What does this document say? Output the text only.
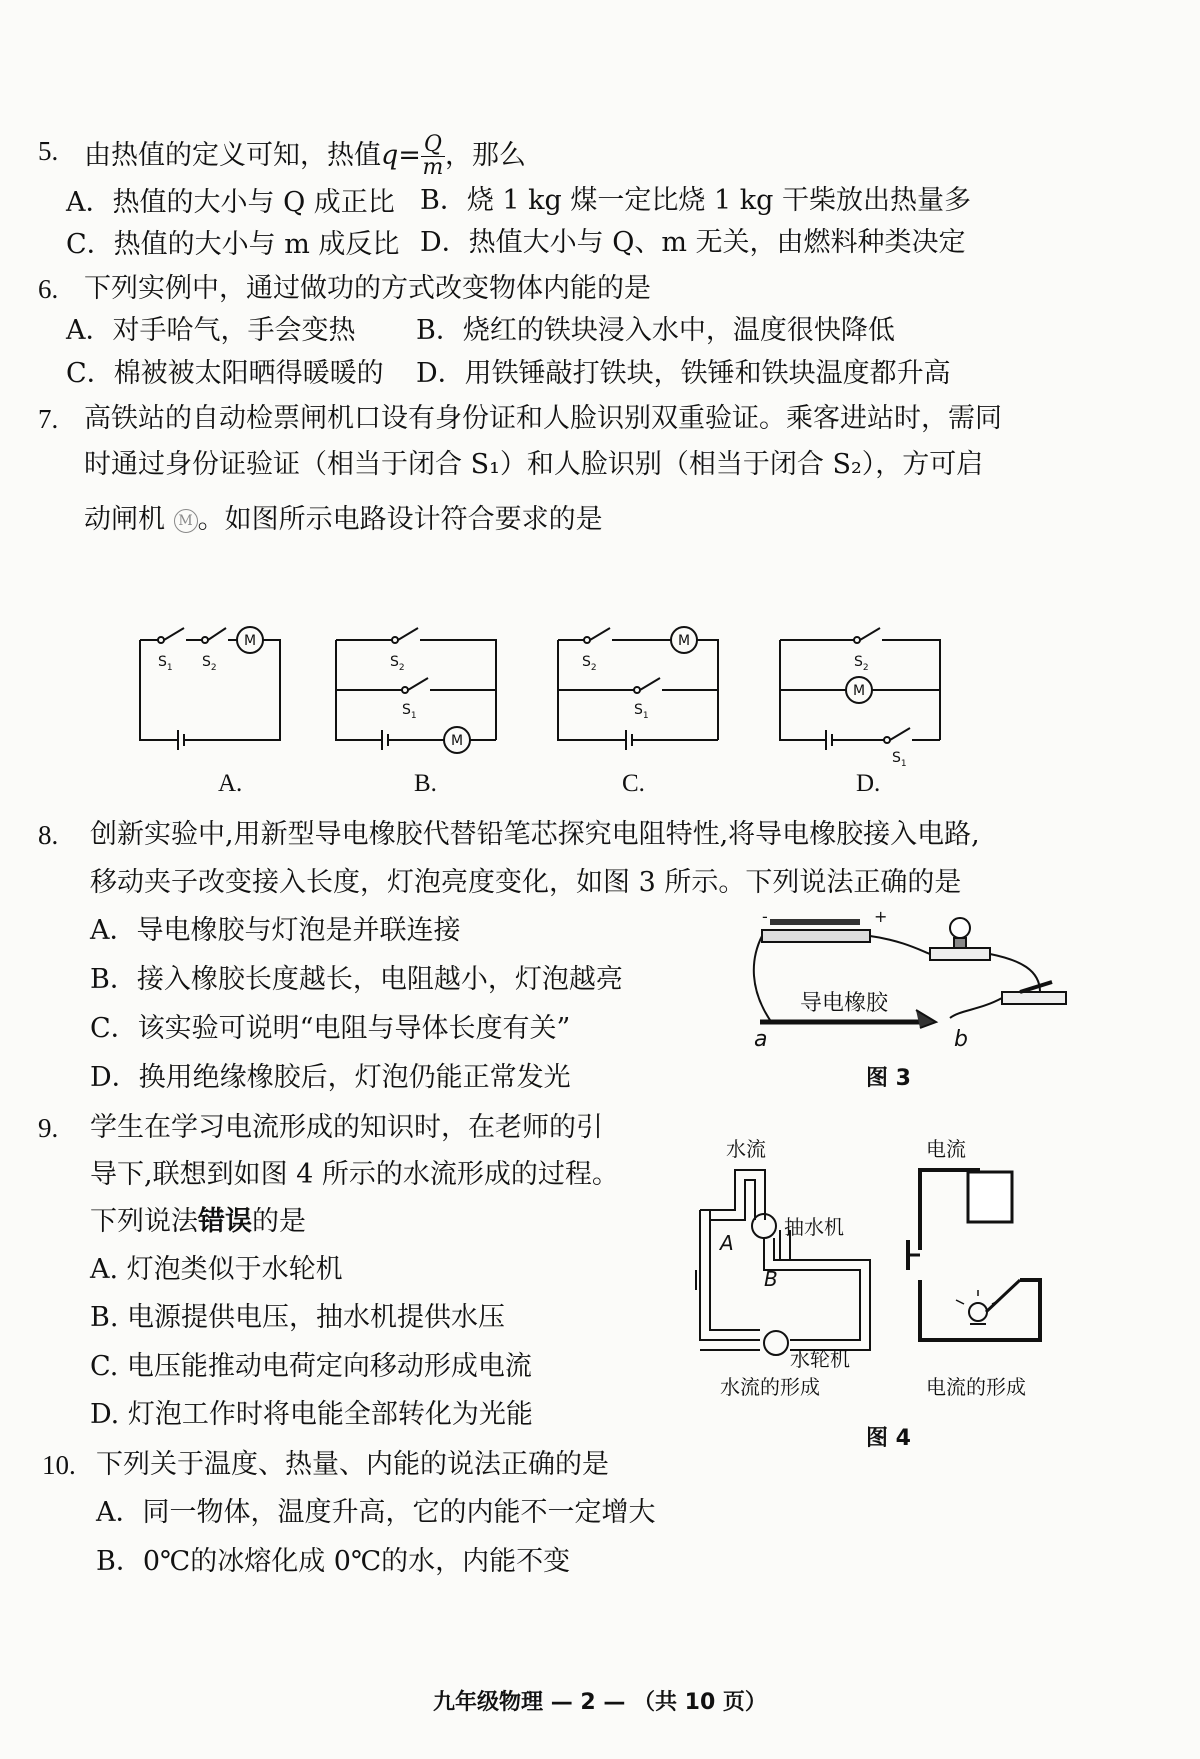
5. 由热值的定义可知，热值$q= \frac{Q}{m}$ ，那么
A．热值的大小与 Q 成正比 B．烧 1 kg 煤一定比烧 1 kg 干柴放出热量多
C．热值的大小与 m 成反比 D．热值大小与 Q、m 无关，由燃料种类决定
6. 下列实例中，通过做功的方式改变物体内能的是
A．对手哈气，手会变热 B．烧红的铁块浸入水中，温度很快降低
C．棉被被太阳晒得暖暖的 D．用铁锤敲打铁块，铁锤和铁块温度都升高
7. 高铁站的自动检票闸机口设有身份证和人脸识别双重验证。乘客进站时，需同
时通过身份证验证（相当于闭合 S₁）和人脸识别（相当于闭合 S₂），方可启
动闸机 M 。如图所示电路设计符合要求的是
$S_1$ $S_2$
M
$S_2$
$S_1$
M
$S_2$
$S_1$
M
$S_2$
M
$S_1$
A.	B.	C.	D.
8. 创新实验中,用新型导电橡胶代替铅笔芯探究电阻特性,将导电橡胶接入电路,
移动夹子改变接入长度，灯泡亮度变化，如图 3 所示。下列说法正确的是
A．导电橡胶与灯泡是并联连接
B．接入橡胶长度越长，电阻越小，灯泡越亮
C．该实验可说明“电阻与导体长度有关”
D．换用绝缘橡胶后，灯泡仍能正常发光
-	+
导电橡胶
a	b
图 3
9. 学生在学习电流形成的知识时，在老师的引
导下,联想到如图 4 所示的水流形成的过程。
下列说法错误的是
A. 灯泡类似于水轮机
B. 电源提供电压，抽水机提供水压
C. 电压能推动电荷定向移动形成电流
D. 灯泡工作时将电能全部转化为光能
水流
抽水机
A
B
水轮机
水流的形成
电流
电流的形成
图 4
10. 下列关于温度、热量、内能的说法正确的是
A．同一物体，温度升高，它的内能不一定增大
B．0℃的冰熔化成 0℃的水，内能不变
九年级物理 — 2 — （共 10 页）
